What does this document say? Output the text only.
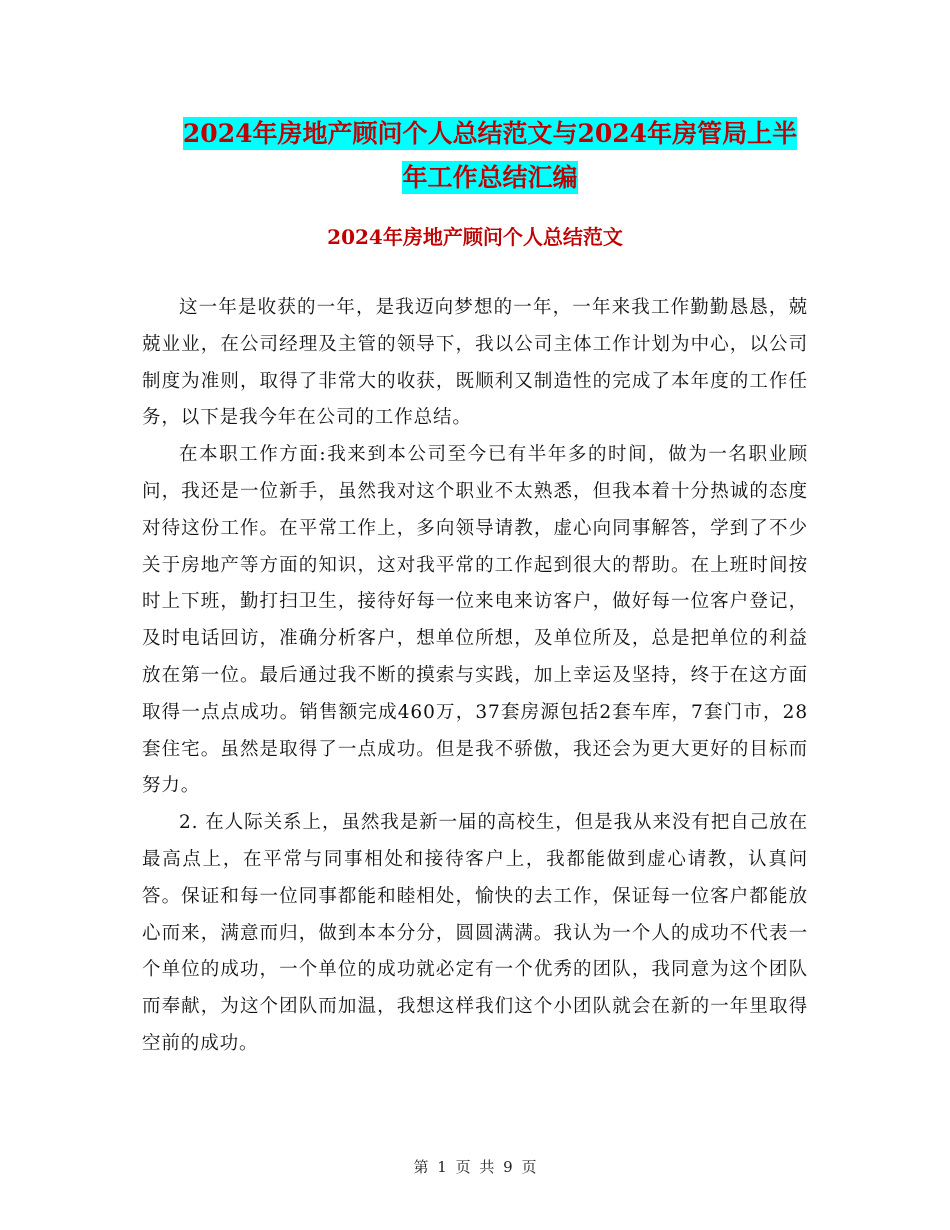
2024年房地产顾问个人总结范文与2024年房管局上半
年工作总结汇编
2024年房地产顾问个人总结范文

这一年是收获的一年，是我迈向梦想的一年，一年来我工作勤勤恳恳，兢兢业业，在公司经理及主管的领导下，我以公司主体工作计划为中心，以公司制度为准则，取得了非常大的收获，既顺利又制造性的完成了本年度的工作任务，以下是我今年在公司的工作总结。

在本职工作方面:我来到本公司至今已有半年多的时间，做为一名职业顾问，我还是一位新手，虽然我对这个职业不太熟悉，但我本着十分热诚的态度对待这份工作。在平常工作上，多向领导请教，虚心向同事解答，学到了不少关于房地产等方面的知识，这对我平常的工作起到很大的帮助。在上班时间按时上下班，勤打扫卫生，接待好每一位来电来访客户，做好每一位客户登记，及时电话回访，准确分析客户，想单位所想，及单位所及，总是把单位的利益放在第一位。最后通过我不断的摸索与实践，加上幸运及坚持，终于在这方面取得一点点成功。销售额完成460万，37套房源包括2套车库，7套门市，28套住宅。虽然是取得了一点成功。但是我不骄傲，我还会为更大更好的目标而努力。

2. 在人际关系上，虽然我是新一届的高校生，但是我从来没有把自己放在最高点上，在平常与同事相处和接待客户上，我都能做到虚心请教，认真问答。保证和每一位同事都能和睦相处，愉快的去工作，保证每一位客户都能放心而来，满意而归，做到本本分分，圆圆满满。我认为一个人的成功不代表一个单位的成功，一个单位的成功就必定有一个优秀的团队，我同意为这个团队而奉献，为这个团队而加温，我想这样我们这个小团队就会在新的一年里取得空前的成功。

第 1 页 共 9 页
